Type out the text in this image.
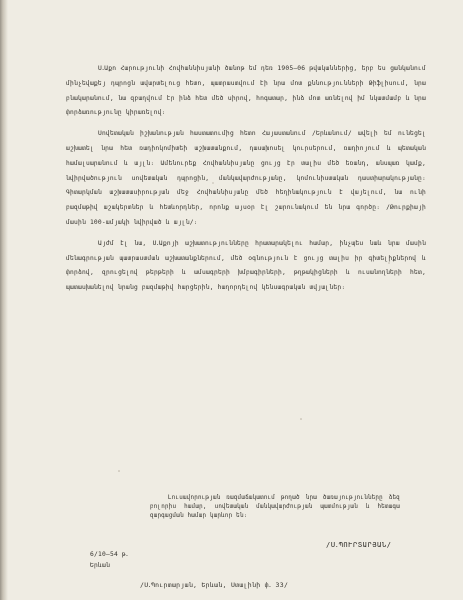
Ս․Աքո Հարությունի Հովհաննիսյանի ծանոթ եմ դեռ 1905–06 թվականներից, երբ ես ցանկանում մինչեվաքեյ դպրոցն ավարտելուց հետո, պատրաստվում էի նրա մոտ քննությունների Թիֆլիսում, նրա բնակարանում, նա զբաղվում էր ինձ հետ մեծ սիրով, հոգատար, ինձ մոտ առնելով իմ նկատմամբ և նրա փորձառությունը կիրառելով։

Սովետական իշխանության հաստատումից հետո Հայաստանում /Երևանում/ ավելի եմ ունեցել աշխատել նրա հետ ռադիոկոմիտեի աշխատանքում, դասախոսել կուրսերում, ռադիոյում և պետական համալսարանում և այլն։ Ամենուրեք Հովհաննիսյանը ցույց էր տալիս մեծ եռանդ, անսպառ կամք, նվիրվածություն սովետական դպրոցին, մանկավարժությանը, կոմունիստական դաստիարակությանը։ Գիտարկման աշխատասիրության մեջ Հովհաննիսյանը մեծ հեղինակություն է վայելում, նա ունի բազմաթիվ աշակերտներ և հետևորդներ, որոնք այսօր էլ շարունակում են նրա գործը։ /Թուրքիայի մասին 100-ամյակի նվիրված և այլն/։

Այժմ էլ նա, Ս․Աքոյի աշխատությունները հրատարակելու համար, ինչպես նաև նրա մասին մենագրության պատրաստման աշխատանքներում, մեծ օգնություն է ցույց տալիս իր գիտելիքներով և փորձով, զրուցելով թերթերի և ամսագրերի խմբագիրների, թղթակիցների և ուսանողների հետ, պատասխանելով նրանց բազմաթիվ հարցերին, հաղորդելով կենսագրական տվյալներ։

Լուսավորության ռազմաճակատում թողած նրա ծառայությունները ձեզ բոլորիս համար, սովետական մանկավարժության պատմության և հետագա զարգացման համար կարևոր են։
/Ս․ՊՈՒՐՏԱՐՅԱՆ/
6/10–54 թ․
Երևան
/Ս․Պուրտարյան, Երևան, Ստալինի փ․ 33/
